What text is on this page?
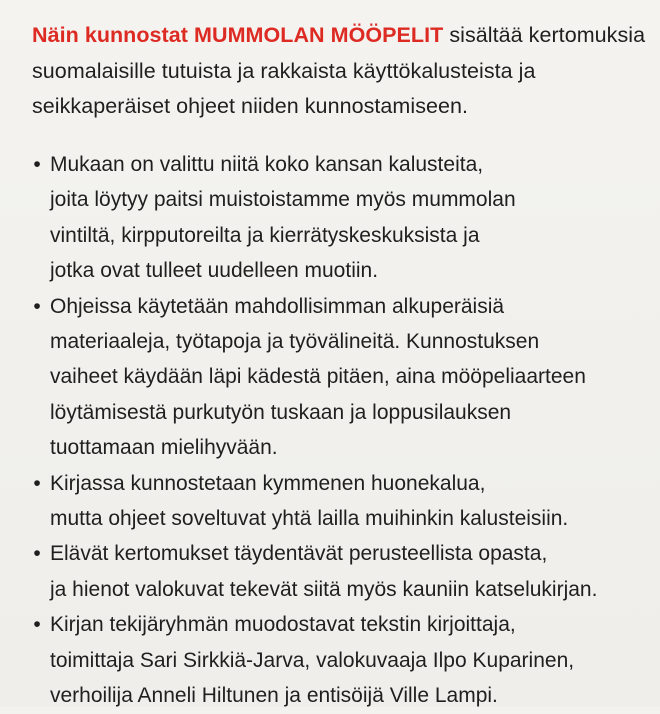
Näin kunnostat MUMMOLAN MÖÖPELIT sisältää kertomuksia
suomalaisille tutuista ja rakkaista käyttökalusteista ja
seikkaperäiset ohjeet niiden kunnostamiseen.
• Mukaan on valittu niitä koko kansan kalusteita,
joita löytyy paitsi muistoistamme myös mummolan
vintiltä, kirpputoreilta ja kierrätyskeskuksista ja
jotka ovat tulleet uudelleen muotiin.
• Ohjeissa käytetään mahdollisimman alkuperäisiä
materiaaleja, työtapoja ja työvälineitä. Kunnostuksen
vaiheet käydään läpi kädestä pitäen, aina mööpeliaarteen
löytämisestä purkutyön tuskaan ja loppusilauksen
tuottamaan mielihyvään.
• Kirjassa kunnostetaan kymmenen huonekalua,
mutta ohjeet soveltuvat yhtä lailla muihinkin kalusteisiin.
• Elävät kertomukset täydentävät perusteellista opasta,
ja hienot valokuvat tekevät siitä myös kauniin katselukirjan.
• Kirjan tekijäryhmän muodostavat tekstin kirjoittaja,
toimittaja Sari Sirkkiä-Jarva, valokuvaaja Ilpo Kuparinen,
verhoilija Anneli Hiltunen ja entisöijä Ville Lampi.
